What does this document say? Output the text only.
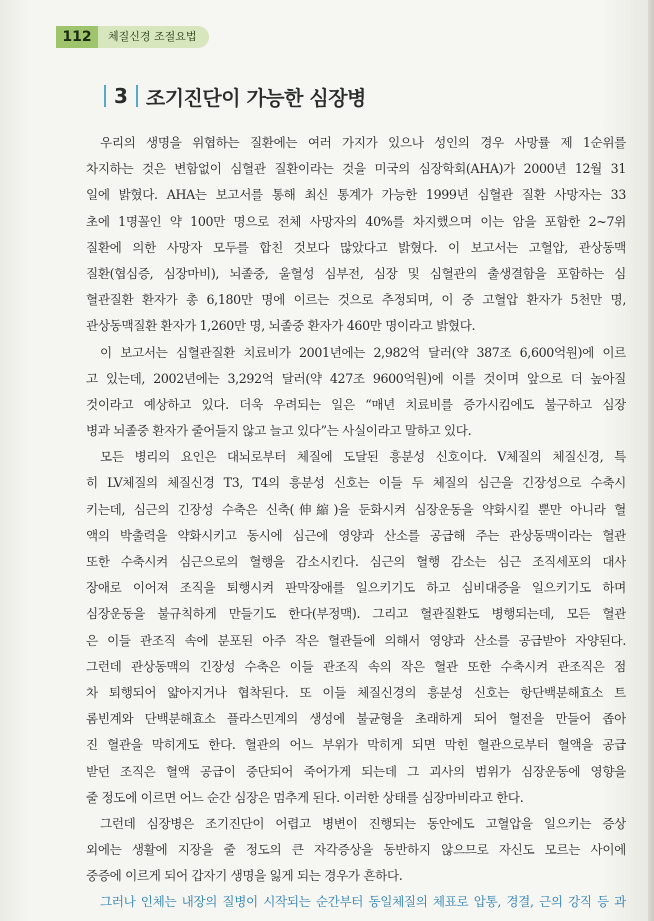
112	체질신경 조절요법
3 조기진단이 가능한 심장병
우리의 생명을 위협하는 질환에는 여러 가지가 있으나 성인의 경우 사망률 제 1순위를
차지하는 것은 변함없이 심혈관 질환이라는 것을 미국의 심장학회(AHA)가 2000년 12월 31
일에 밝혔다. AHA는 보고서를 통해 최신 통계가 가능한 1999년 심혈관 질환 사망자는 33
초에 1명꼴인 약 100만 명으로 전체 사망자의 40%를 차지했으며 이는 암을 포함한 2~7위
질환에 의한 사망자 모두를 합친 것보다 많았다고 밝혔다. 이 보고서는 고혈압, 관상동맥
질환(협심증, 심장마비), 뇌졸중, 울혈성 심부전, 심장 및 심혈관의 출생결함을 포함하는 심
혈관질환 환자가 총 6,180만 명에 이르는 것으로 추정되며, 이 중 고혈압 환자가 5천만 명,
관상동맥질환 환자가 1,260만 명, 뇌졸중 환자가 460만 명이라고 밝혔다.
이 보고서는 심혈관질환 치료비가 2001년에는 2,982억 달러(약 387조 6,600억원)에 이르
고 있는데, 2002년에는 3,292억 달러(약 427조 9600억원)에 이를 것이며 앞으로 더 높아질
것이라고 예상하고 있다. 더욱 우려되는 일은 “매년 치료비를 증가시킴에도 불구하고 심장
병과 뇌졸중 환자가 줄어들지 않고 늘고 있다”는 사실이라고 말하고 있다.
모든 병리의 요인은 대뇌로부터 체질에 도달된 흥분성 신호이다. V체질의 체질신경, 특
히 LV체질의 체질신경 T3, T4의 흥분성 신호는 이들 두 체질의 심근을 긴장성으로 수축시
키는데, 심근의 긴장성 수축은 신축(伸縮)을 둔화시켜 심장운동을 약화시킬 뿐만 아니라 혈
액의 박출력을 약화시키고 동시에 심근에 영양과 산소를 공급해 주는 관상동맥이라는 혈관
또한 수축시켜 심근으로의 혈행을 감소시킨다. 심근의 혈행 감소는 심근 조직세포의 대사
장애로 이어져 조직을 퇴행시켜 판막장애를 일으키기도 하고 심비대증을 일으키기도 하며
심장운동을 불규칙하게 만들기도 한다(부정맥). 그리고 혈관질환도 병행되는데, 모든 혈관
은 이들 관조직 속에 분포된 아주 작은 혈관들에 의해서 영양과 산소를 공급받아 자양된다.
그런데 관상동맥의 긴장성 수축은 이들 관조직 속의 작은 혈관 또한 수축시켜 관조직은 점
차 퇴행되어 얇아지거나 협착된다. 또 이들 체질신경의 흥분성 신호는 항단백분해효소 트
롬빈계와 단백분해효소 플라스민계의 생성에 불균형을 초래하게 되어 혈전을 만들어 좁아
진 혈관을 막히게도 한다. 혈관의 어느 부위가 막히게 되면 막힌 혈관으로부터 혈액을 공급
받던 조직은 혈액 공급이 중단되어 죽어가게 되는데 그 괴사의 범위가 심장운동에 영향을
줄 정도에 이르면 어느 순간 심장은 멈추게 된다. 이러한 상태를 심장마비라고 한다.
그런데 심장병은 조기진단이 어렵고 병변이 진행되는 동안에도 고혈압을 일으키는 증상
외에는 생활에 지장을 줄 정도의 큰 자각증상을 동반하지 않으므로 자신도 모르는 사이에
중증에 이르게 되어 갑자기 생명을 잃게 되는 경우가 흔하다.
그러나 인체는 내장의 질병이 시작되는 순간부터 동일체질의 체표로 압통, 경결, 근의 강직 등 과
